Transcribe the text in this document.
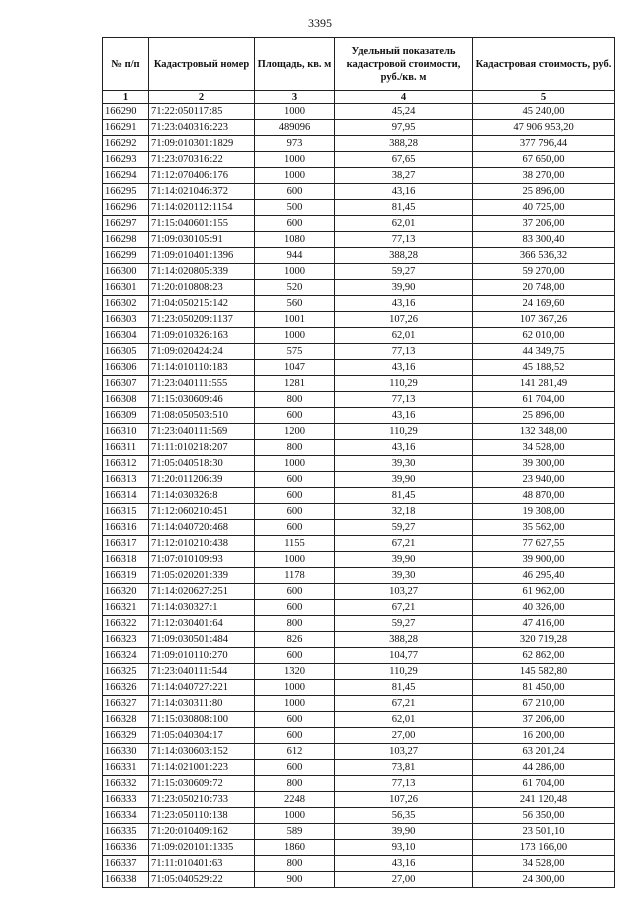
3395
№ п/п	Кадастровый номер	Площадь, кв. м	Удельный показатель кадастровой стоимости, руб./кв. м	Кадастровая стоимость, руб.
1	2	3	4	5
166290	71:22:050117:85	1000	45,24	45 240,00
166291	71:23:040316:223	489096	97,95	47 906 953,20
166292	71:09:010301:1829	973	388,28	377 796,44
166293	71:23:070316:22	1000	67,65	67 650,00
166294	71:12:070406:176	1000	38,27	38 270,00
166295	71:14:021046:372	600	43,16	25 896,00
166296	71:14:020112:1154	500	81,45	40 725,00
166297	71:15:040601:155	600	62,01	37 206,00
166298	71:09:030105:91	1080	77,13	83 300,40
166299	71:09:010401:1396	944	388,28	366 536,32
166300	71:14:020805:339	1000	59,27	59 270,00
166301	71:20:010808:23	520	39,90	20 748,00
166302	71:04:050215:142	560	43,16	24 169,60
166303	71:23:050209:1137	1001	107,26	107 367,26
166304	71:09:010326:163	1000	62,01	62 010,00
166305	71:09:020424:24	575	77,13	44 349,75
166306	71:14:010110:183	1047	43,16	45 188,52
166307	71:23:040111:555	1281	110,29	141 281,49
166308	71:15:030609:46	800	77,13	61 704,00
166309	71:08:050503:510	600	43,16	25 896,00
166310	71:23:040111:569	1200	110,29	132 348,00
166311	71:11:010218:207	800	43,16	34 528,00
166312	71:05:040518:30	1000	39,30	39 300,00
166313	71:20:011206:39	600	39,90	23 940,00
166314	71:14:030326:8	600	81,45	48 870,00
166315	71:12:060210:451	600	32,18	19 308,00
166316	71:14:040720:468	600	59,27	35 562,00
166317	71:12:010210:438	1155	67,21	77 627,55
166318	71:07:010109:93	1000	39,90	39 900,00
166319	71:05:020201:339	1178	39,30	46 295,40
166320	71:14:020627:251	600	103,27	61 962,00
166321	71:14:030327:1	600	67,21	40 326,00
166322	71:12:030401:64	800	59,27	47 416,00
166323	71:09:030501:484	826	388,28	320 719,28
166324	71:09:010110:270	600	104,77	62 862,00
166325	71:23:040111:544	1320	110,29	145 582,80
166326	71:14:040727:221	1000	81,45	81 450,00
166327	71:14:030311:80	1000	67,21	67 210,00
166328	71:15:030808:100	600	62,01	37 206,00
166329	71:05:040304:17	600	27,00	16 200,00
166330	71:14:030603:152	612	103,27	63 201,24
166331	71:14:021001:223	600	73,81	44 286,00
166332	71:15:030609:72	800	77,13	61 704,00
166333	71:23:050210:733	2248	107,26	241 120,48
166334	71:23:050110:138	1000	56,35	56 350,00
166335	71:20:010409:162	589	39,90	23 501,10
166336	71:09:020101:1335	1860	93,10	173 166,00
166337	71:11:010401:63	800	43,16	34 528,00
166338	71:05:040529:22	900	27,00	24 300,00
